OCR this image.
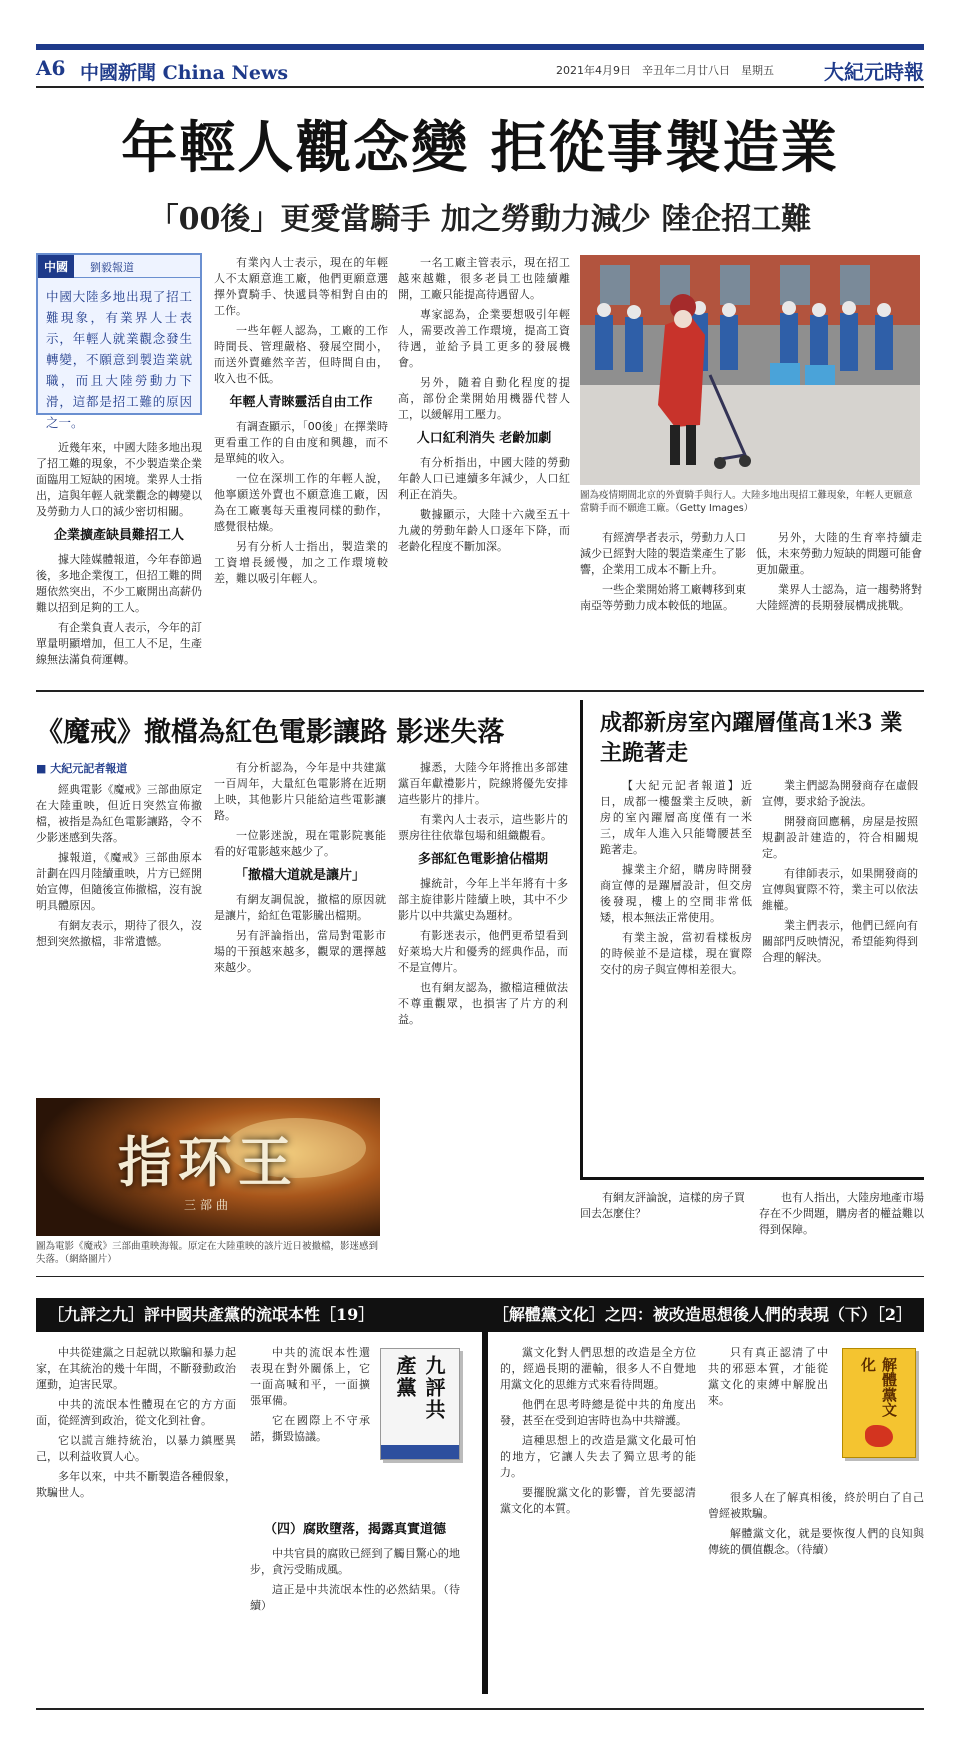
A6 中國新聞 China News	2021年4月9日　辛丑年二月廿八日　星期五	大紀元時報
年輕人觀念變 拒從事製造業
「00後」更愛當騎手 加之勞動力減少 陸企招工難
中國	劉毅報道
中國大陸多地出現了招工難現象，有業界人士表示，年輕人就業觀念發生轉變，不願意到製造業就職，而且大陸勞動力下滑，這都是招工難的原因之一。

近幾年來，中國大陸多地出現了招工難的現象，不少製造業企業面臨用工短缺的困境。業界人士指出，這與年輕人就業觀念的轉變以及勞動力人口的減少密切相關。

企業擴產缺員難招工人

據大陸媒體報道，今年春節過後，多地企業復工，但招工難的問題依然突出，不少工廠開出高薪仍難以招到足夠的工人。

有企業負責人表示，今年的訂單量明顯增加，但工人不足，生產線無法滿負荷運轉。

有業內人士表示，現在的年輕人不太願意進工廠，他們更願意選擇外賣騎手、快遞員等相對自由的工作。

一些年輕人認為，工廠的工作時間長、管理嚴格、發展空間小，而送外賣雖然辛苦，但時間自由，收入也不低。

年輕人青睞靈活自由工作

有調查顯示，「00後」在擇業時更看重工作的自由度和興趣，而不是單純的收入。

一位在深圳工作的年輕人說，他寧願送外賣也不願意進工廠，因為在工廠裏每天重複同樣的動作，感覺很枯燥。

另有分析人士指出，製造業的工資增長緩慢，加之工作環境較差，難以吸引年輕人。

一名工廠主管表示，現在招工越來越難，很多老員工也陸續離開，工廠只能提高待遇留人。

專家認為，企業要想吸引年輕人，需要改善工作環境，提高工資待遇，並給予員工更多的發展機會。

另外，隨着自動化程度的提高，部份企業開始用機器代替人工，以緩解用工壓力。

人口紅利消失 老齡加劇

有分析指出，中國大陸的勞動年齡人口已連續多年減少，人口紅利正在消失。

數據顯示，大陸十六歲至五十九歲的勞動年齡人口逐年下降，而老齡化程度不斷加深。

圖為疫情期間北京的外賣騎手與行人。大陸多地出現招工難現象，年輕人更願意當騎手而不願進工廠。（Getty Images）

有經濟學者表示，勞動力人口減少已經對大陸的製造業產生了影響，企業用工成本不斷上升。

一些企業開始將工廠轉移到東南亞等勞動力成本較低的地區。

另外，大陸的生育率持續走低，未來勞動力短缺的問題可能會更加嚴重。

業界人士認為，這一趨勢將對大陸經濟的長期發展構成挑戰。

《魔戒》撤檔為紅色電影讓路 影迷失落
■ 大紀元記者報道

經典電影《魔戒》三部曲原定在大陸重映，但近日突然宣佈撤檔，被指是為紅色電影讓路，令不少影迷感到失落。

據報道，《魔戒》三部曲原本計劃在四月陸續重映，片方已經開始宣傳，但隨後宣佈撤檔，沒有說明具體原因。

有網友表示，期待了很久，沒想到突然撤檔，非常遺憾。

有分析認為，今年是中共建黨一百周年，大量紅色電影將在近期上映，其他影片只能給這些電影讓路。

一位影迷說，現在電影院裏能看的好電影越來越少了。

「撤檔大道就是讓片」

有網友調侃說，撤檔的原因就是讓片，給紅色電影騰出檔期。

另有評論指出，當局對電影市場的干預越來越多，觀眾的選擇越來越少。

據悉，大陸今年將推出多部建黨百年獻禮影片，院線將優先安排這些影片的排片。

有業內人士表示，這些影片的票房往往依靠包場和組織觀看。

多部紅色電影搶佔檔期

據統計，今年上半年將有十多部主旋律影片陸續上映，其中不少影片以中共黨史為題材。

有影迷表示，他們更希望看到好萊塢大片和優秀的經典作品，而不是宣傳片。

也有網友認為，撤檔這種做法不尊重觀眾，也損害了片方的利益。

指环王
三部曲
圖為電影《魔戒》三部曲重映海報。原定在大陸重映的該片近日被撤檔，影迷感到失落。（網絡圖片）
成都新房室內躍層僅高1米3 業主跪著走

【大紀元記者報道】近日，成都一樓盤業主反映，新房的室內躍層高度僅有一米三，成年人進入只能彎腰甚至跪著走。

據業主介紹，購房時開發商宣傳的是躍層設計，但交房後發現，樓上的空間非常低矮，根本無法正常使用。

有業主說，當初看樣板房的時候並不是這樣，現在實際交付的房子與宣傳相差很大。

業主們認為開發商存在虛假宣傳，要求給予說法。

開發商回應稱，房屋是按照規劃設計建造的，符合相關規定。

有律師表示，如果開發商的宣傳與實際不符，業主可以依法維權。

業主們表示，他們已經向有關部門反映情況，希望能夠得到合理的解決。

有網友評論說，這樣的房子買回去怎麼住？

也有人指出，大陸房地產市場存在不少問題，購房者的權益難以得到保障。

［九評之九］評中國共產黨的流氓本性［19］

中共從建黨之日起就以欺騙和暴力起家，在其統治的幾十年間，不斷發動政治運動，迫害民眾。

中共的流氓本性體現在它的方方面面，從經濟到政治，從文化到社會。

它以謊言維持統治，以暴力鎮壓異己，以利益收買人心。

多年以來，中共不斷製造各種假象，欺騙世人。

中共的流氓本性還表現在對外關係上，它一面高喊和平，一面擴張軍備。

它在國際上不守承諾，撕毀協議。

九評共產黨
（四）腐敗墮落，揭露真實道德

中共官員的腐敗已經到了觸目驚心的地步，貪污受賄成風。

這正是中共流氓本性的必然結果。（待續）

［解體黨文化］之四：被改造思想後人們的表現（下）［2］

黨文化對人們思想的改造是全方位的，經過長期的灌輸，很多人不自覺地用黨文化的思維方式來看待問題。

他們在思考時總是從中共的角度出發，甚至在受到迫害時也為中共辯護。

這種思想上的改造是黨文化最可怕的地方，它讓人失去了獨立思考的能力。

要擺脫黨文化的影響，首先要認清黨文化的本質。

只有真正認清了中共的邪惡本質，才能從黨文化的束縛中解脫出來。	解體黨文化

很多人在了解真相後，終於明白了自己曾經被欺騙。

解體黨文化，就是要恢復人們的良知與傳統的價值觀念。（待續）
